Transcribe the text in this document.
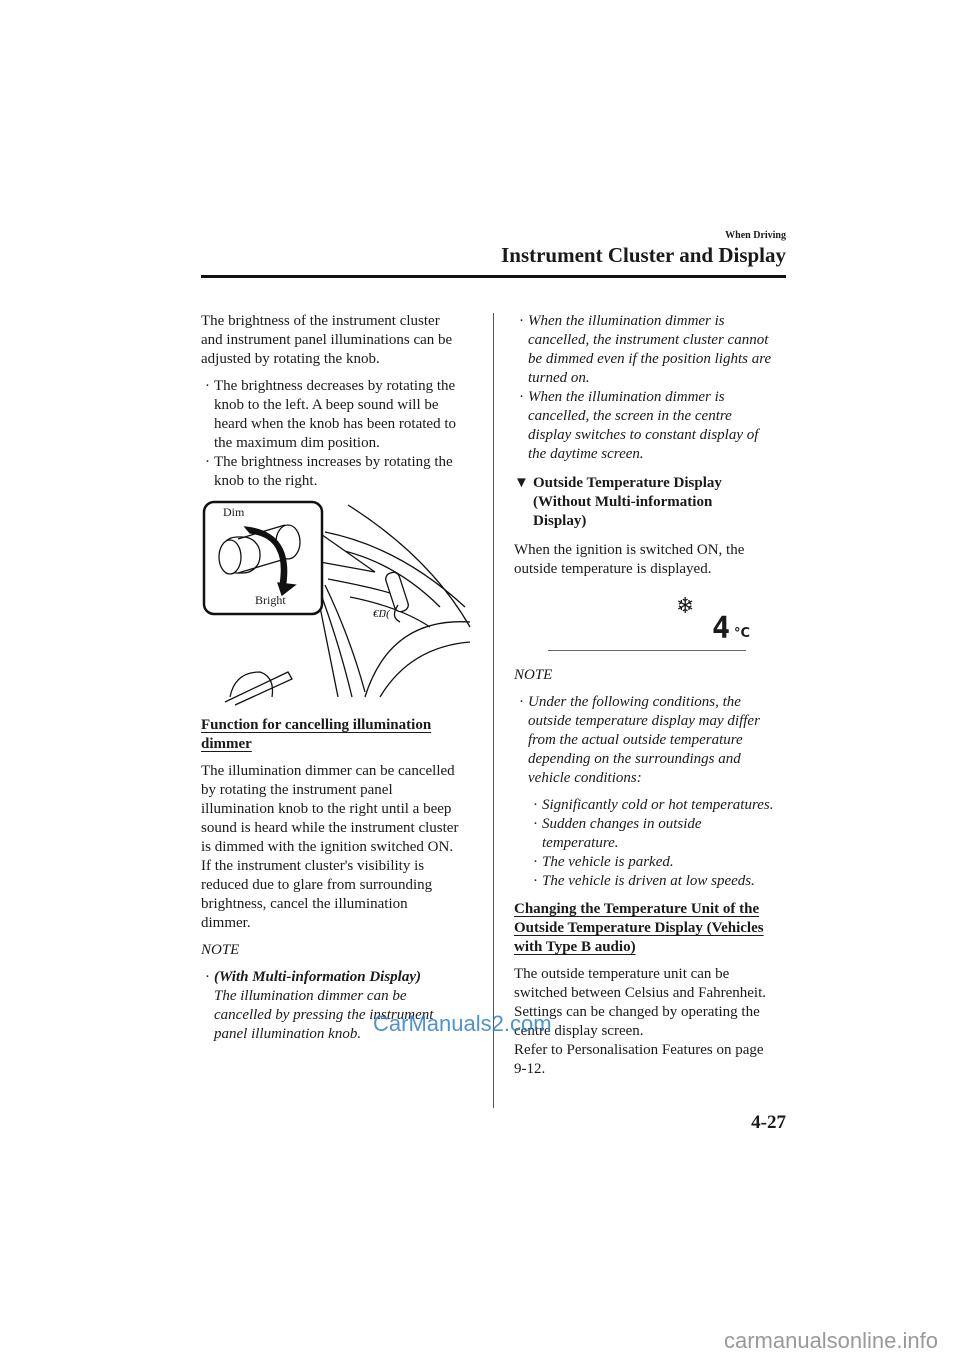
When Driving
Instrument Cluster and Display
The brightness of the instrument cluster
and instrument panel illuminations can be
adjusted by rotating the knob.
· The brightness decreases by rotating the
knob to the left. A beep sound will be
heard when the knob has been rotated to
the maximum dim position.
· The brightness increases by rotating the
knob to the right.
€Ŋ(
Dim
Bright
Function for cancelling illumination
dimmer
The illumination dimmer can be cancelled
by rotating the instrument panel
illumination knob to the right until a beep
sound is heard while the instrument cluster
is dimmed with the ignition switched ON.
If the instrument cluster's visibility is
reduced due to glare from surrounding
brightness, cancel the illumination
dimmer.
NOTE
· (With Multi-information Display)
The illumination dimmer can be
cancelled by pressing the instrument
panel illumination knob.
· When the illumination dimmer is
cancelled, the instrument cluster cannot
be dimmed even if the position lights are
turned on.
· When the illumination dimmer is
cancelled, the screen in the centre
display switches to constant display of
the daytime screen.
▼ Outside Temperature Display
(Without Multi-information
Display)
When the ignition is switched ON, the
outside temperature is displayed.
❄
4 °C
NOTE
· Under the following conditions, the
outside temperature display may differ
from the actual outside temperature
depending on the surroundings and
vehicle conditions:
· Significantly cold or hot temperatures.
· Sudden changes in outside
temperature.
· The vehicle is parked.
· The vehicle is driven at low speeds.
Changing the Temperature Unit of the
Outside Temperature Display (Vehicles
with Type B audio)
The outside temperature unit can be
switched between Celsius and Fahrenheit.
Settings can be changed by operating the
centre display screen.
Refer to Personalisation Features on page
9-12.
4-27
CarManuals2.com
carmanualsonline.info
